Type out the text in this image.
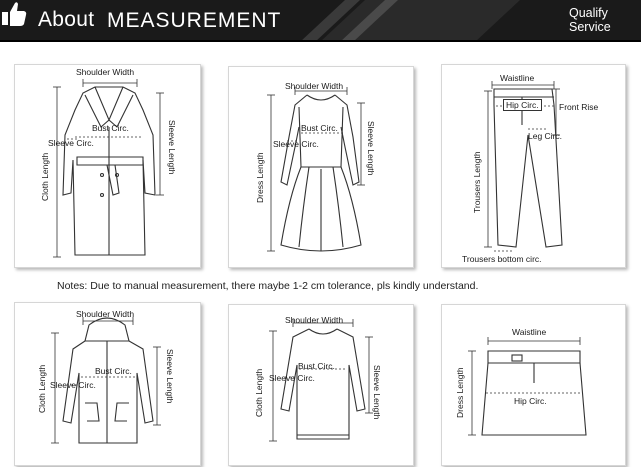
About MEASUREMENT	Qualify
Service
Shoulder Width
Bust Circ.
Sleeve Circ.	Sleeve Length
Cloth Length
Shoulder Width
Bust Circ.
Sleeve Circ.	Sleeve Length
Dress Length
Waistline
Hip Circ.	Front Rise
Leg Circ.
Trousers Length
Trousers bottom circ.
Notes: Due to manual measurement, there maybe 1-2 cm tolerance, pls kindly understand.
Shoulder Width
Bust Circ.
Sleeve Circ.	Sleeve Length
Cloth Length
Shoulder Width
Bust Circ.
Sleeve Circ.	Sleeve Length
Cloth Length
Waistline
Hip Circ.
Dress Length
